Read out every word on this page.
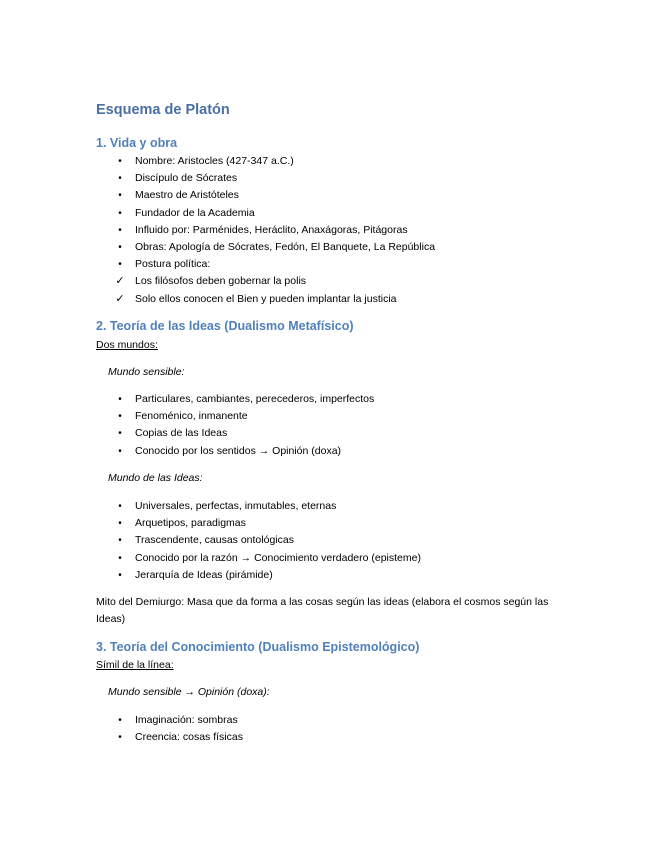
Esquema de Platón
1. Vida y obra
•	Nombre: Aristocles (427-347 a.C.)
•	Discípulo de Sócrates
•	Maestro de Aristóteles
•	Fundador de la Academia
•	Influido por: Parménides, Heráclito, Anaxágoras, Pitágoras
•	Obras: Apología de Sócrates, Fedón, El Banquete, La República
•	Postura política:
✓ Los filósofos deben gobernar la polis
✓ Solo ellos conocen el Bien y pueden implantar la justicia
2. Teoría de las Ideas (Dualismo Metafísico)
Dos mundos:
Mundo sensible:
•	Particulares, cambiantes, perecederos, imperfectos
•	Fenoménico, inmanente
•	Copias de las Ideas
•	Conocido por los sentidos → Opinión (doxa)
Mundo de las Ideas:
•	Universales, perfectas, inmutables, eternas
•	Arquetipos, paradigmas
•	Trascendente, causas ontológicas
•	Conocido por la razón → Conocimiento verdadero (episteme)
•	Jerarquía de Ideas (pirámide)
Mito del Demiurgo: Masa que da forma a las cosas según las ideas (elabora el cosmos según las Ideas)
3. Teoría del Conocimiento (Dualismo Epistemológico)
Símil de la línea:
Mundo sensible → Opinión (doxa):
•	Imaginación: sombras
•	Creencia: cosas físicas
